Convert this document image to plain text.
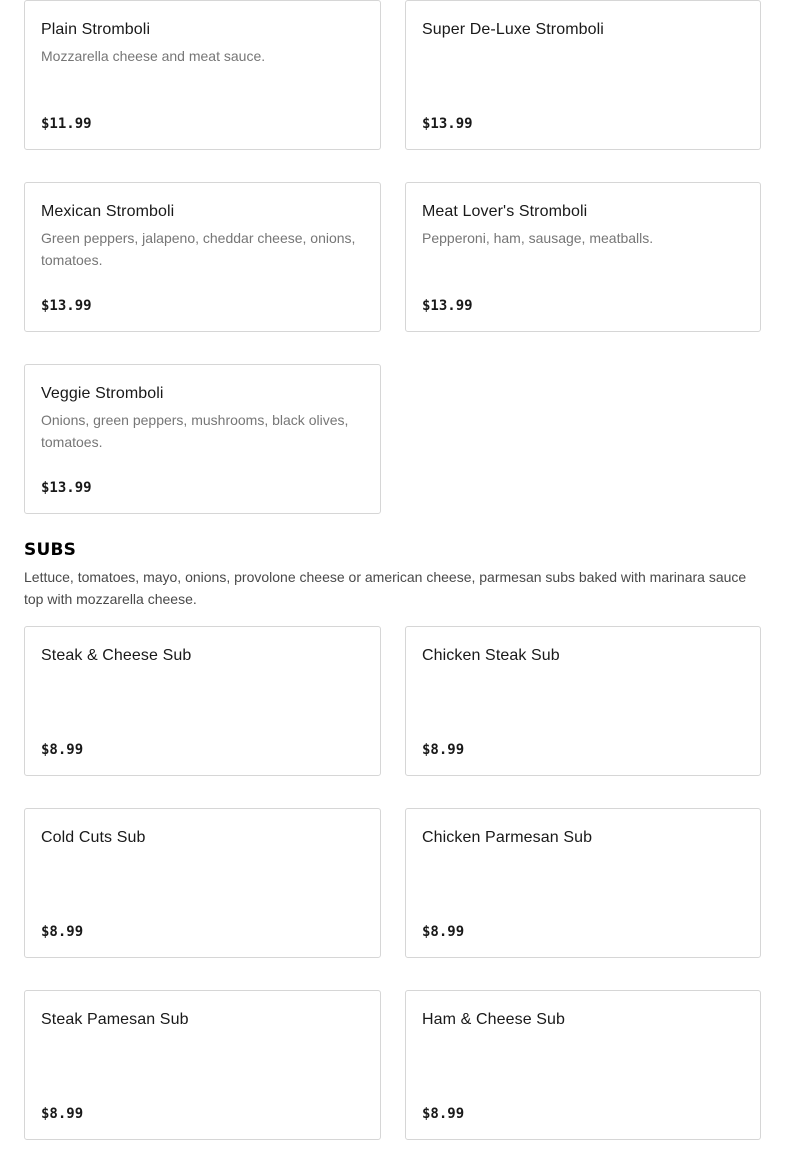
Plain Stromboli
Mozzarella cheese and meat sauce.
$11.99
Super De-Luxe Stromboli
$13.99
Mexican Stromboli
Green peppers, jalapeno, cheddar cheese, onions, tomatoes.
$13.99
Meat Lover's Stromboli
Pepperoni, ham, sausage, meatballs.
$13.99
Veggie Stromboli
Onions, green peppers, mushrooms, black olives, tomatoes.
$13.99
SUBS

Lettuce, tomatoes, mayo, onions, provolone cheese or american cheese, parmesan subs baked with marinara sauce top with mozzarella cheese.

Steak & Cheese Sub
$8.99
Chicken Steak Sub
$8.99
Cold Cuts Sub
$8.99
Chicken Parmesan Sub
$8.99
Steak Pamesan Sub
$8.99
Ham & Cheese Sub
$8.99
